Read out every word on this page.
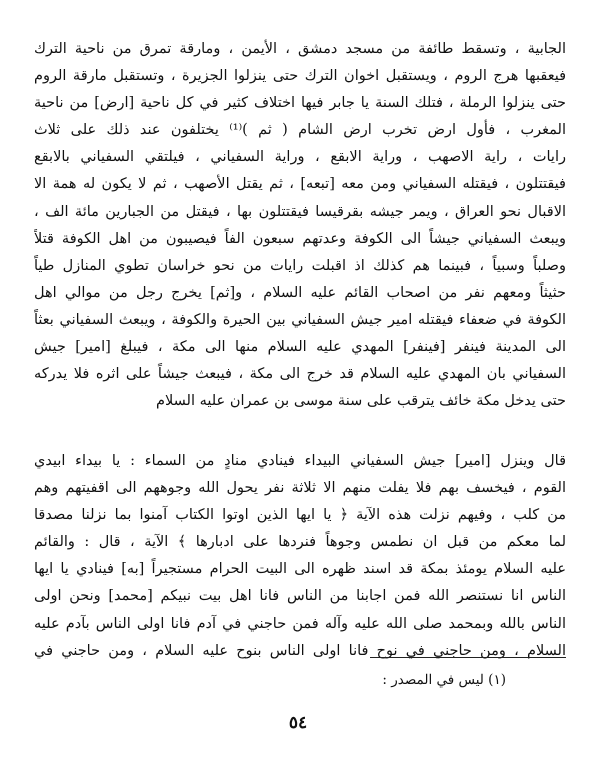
الجابية ، وتسقط طائفة من مسجد دمشق ، الأيمن ، ومارقة تمرق من ناحية الترك
فيعقبها هرج الروم ، ويستقبل اخوان الترك حتى ينزلوا الجزيرة ، وتستقبل مارقة الروم
حتى ينزلوا الرملة ، فتلك السنة يا جابر فيها اختلاف كثير في كل ناحية [ارض] من ناحية
المغرب ، فأول ارض تخرب ارض الشام ( ثم )⁽¹⁾ يختلفون عند ذلك على ثلاث
رايات ، راية الاصهب ، وراية الابقع ، وراية السفياني ، فيلتقي السفياني بالابقع
فيقتتلون ، فيقتله السفياني ومن معه [تبعه] ، ثم يقتل الأصهب ، ثم لا يكون له همة الا
الاقبال نحو العراق ، ويمر جيشه بقرقيسا فيقتتلون بها ، فيقتل من الجبارين مائة الف ،
ويبعث السفياني جيشاً الى الكوفة وعدتهم سبعون الفاً فيصيبون من اهل الكوفة قتلاً
وصلباً وسبياً ، فبينما هم كذلك اذ اقبلت رايات من نحو خراسان تطوي المنازل طياً
حثيثاً ومعهم نفر من اصحاب القائم عليه السلام ، و[ثم] يخرج رجل من موالي اهل
الكوفة في ضعفاء فيقتله امير جيش السفياني بين الحيرة والكوفة ، ويبعث السفياني بعثاً
الى المدينة فينفر [فينفر] المهدي عليه السلام منها الى مكة ، فيبلغ [امير] جيش
السفياني بان المهدي عليه السلام قد خرج الى مكة ، فيبعث جيشاً على اثره فلا يدركه
حتى يدخل مكة خائف يترقب على سنة موسى بن عمران عليه السلام
قال وينزل [امير] جيش السفياني البيداء فينادي منادٍ من السماء : يا بيداء ابيدي
القوم ، فيخسف بهم فلا يفلت منهم الا ثلاثة نفر يحول الله وجوههم الى اقفيتهم وهم
من كلب ، وفيهم نزلت هذه الآية ﴿ يا ايها الذين اوتوا الكتاب آمنوا بما نزلنا مصدقا
لما معكم من قبل ان نطمس وجوهاً فنردها على ادبارها ﴾ الآية ، قال : والقائم
عليه السلام يومئذ بمكة قد اسند ظهره الى البيت الحرام مستجيراً [به] فينادي يا ايها
الناس انا نستنصر الله فمن اجابنا من الناس فانا اهل بيت نبيكم [محمد] ونحن اولى
الناس بالله وبمحمد صلى الله عليه وآله فمن حاجني في آدم فانا اولى الناس بآدم عليه
السلام ، ومن حاجني في نوح فانا اولى الناس بنوح عليه السلام ، ومن حاجني في
(١) ليس في المصدر :
٥٤
